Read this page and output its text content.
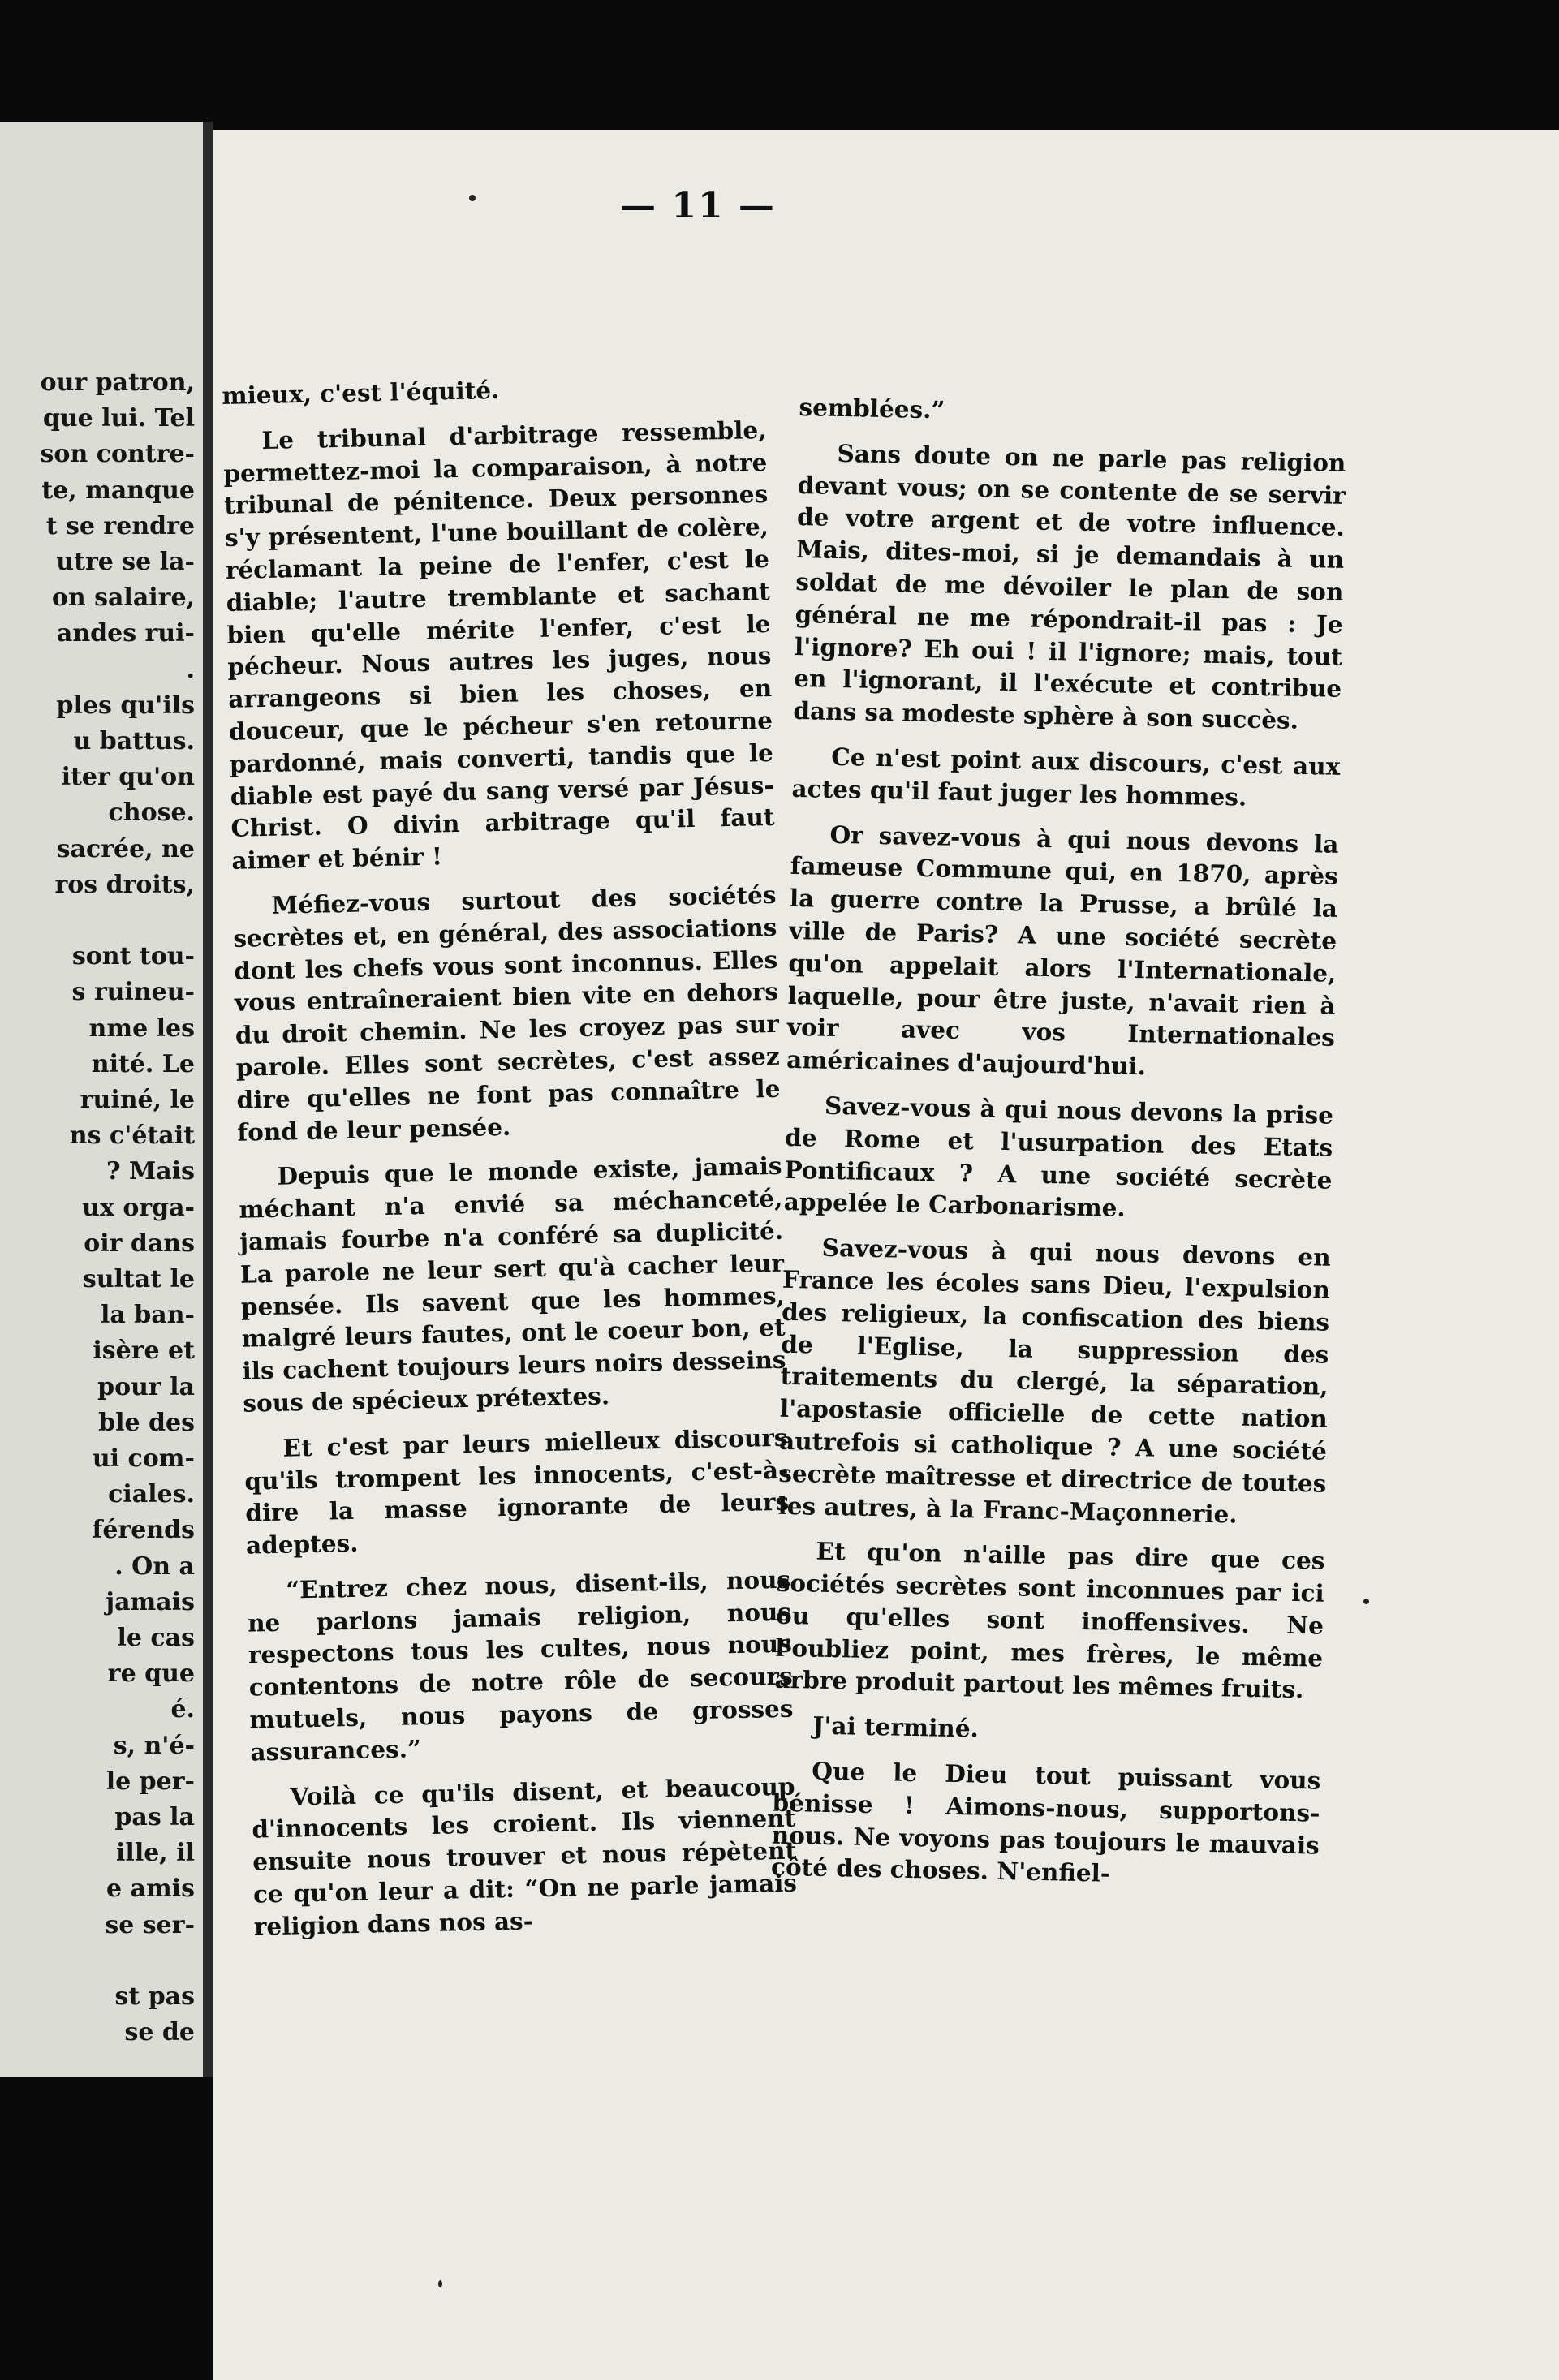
our patron,
que lui. Tel
son contre-
te, manque
t se rendre
utre se la-
on salaire,
andes rui-
.
ples qu'ils
u battus.
iter qu'on
chose.
sacrée, ne
ros droits,
sont tou-
s ruineu-
nme les
nité. Le
ruiné, le
ns c'était
? Mais
ux orga-
oir dans
sultat le
la ban-
isère et
pour la
ble des
ui com-
ciales.
férends
. On a
jamais
le cas
re que
é.
s, n'é-
le per-
pas la
ille, il
e amis
se ser-
st pas
se de
— 11 —

mieux, c'est l'équité.

Le tribunal d'arbitrage ressemble, permettez-moi la comparaison, à notre tribunal de pénitence. Deux personnes s'y présentent, l'une bouillant de colère, réclamant la peine de l'enfer, c'est le diable; l'autre tremblante et sachant bien qu'elle mérite l'enfer, c'est le pécheur. Nous autres les juges, nous arrangeons si bien les choses, en douceur, que le pécheur s'en retourne pardonné, mais converti, tandis que le diable est payé du sang versé par Jésus-Christ. O divin arbitrage qu'il faut aimer et bénir !

Méfiez-vous surtout des sociétés secrètes et, en général, des associations dont les chefs vous sont inconnus. Elles vous entraîneraient bien vite en dehors du droit chemin. Ne les croyez pas sur parole. Elles sont secrètes, c'est assez dire qu'elles ne font pas connaître le fond de leur pensée.

Depuis que le monde existe, jamais méchant n'a envié sa méchanceté, jamais fourbe n'a conféré sa duplicité. La parole ne leur sert qu'à cacher leur pensée. Ils savent que les hommes, malgré leurs fautes, ont le coeur bon, et ils cachent toujours leurs noirs desseins sous de spécieux prétextes.

Et c'est par leurs mielleux discours qu'ils trompent les innocents, c'est-à-dire la masse ignorante de leurs adeptes.

“Entrez chez nous, disent-ils, nous ne parlons jamais religion, nous respectons tous les cultes, nous nous contentons de notre rôle de secours mutuels, nous payons de grosses assurances.”

Voilà ce qu'ils disent, et beaucoup d'innocents les croient. Ils viennent ensuite nous trouver et nous répètent ce qu'on leur a dit: “On ne parle jamais religion dans nos as-

semblées.”

Sans doute on ne parle pas religion devant vous; on se contente de se servir de votre argent et de votre influence. Mais, dites-moi, si je demandais à un soldat de me dévoiler le plan de son général ne me répondrait-il pas : Je l'ignore? Eh oui ! il l'ignore; mais, tout en l'ignorant, il l'exécute et contribue dans sa modeste sphère à son succès.

Ce n'est point aux discours, c'est aux actes qu'il faut juger les hommes.

Or savez-vous à qui nous devons la fameuse Commune qui, en 1870, après la guerre contre la Prusse, a brûlé la ville de Paris? A une société secrète qu'on appelait alors l'Internationale, laquelle, pour être juste, n'avait rien à voir avec vos Internationales américaines d'aujourd'hui.

Savez-vous à qui nous devons la prise de Rome et l'usurpation des Etats Pontificaux ? A une société secrète appelée le Carbonarisme.

Savez-vous à qui nous devons en France les écoles sans Dieu, l'expulsion des religieux, la confiscation des biens de l'Eglise, la suppression des traitements du clergé, la séparation, l'apostasie officielle de cette nation autrefois si catholique ? A une société secrète maîtresse et directrice de toutes les autres, à la Franc-Maçonnerie.

Et qu'on n'aille pas dire que ces sociétés secrètes sont inconnues par ici ou qu'elles sont inoffensives. Ne l'oubliez point, mes frères, le même arbre produit partout les mêmes fruits.

J'ai terminé.

Que le Dieu tout puissant vous bénisse ! Aimons-nous, supportons-nous. Ne voyons pas toujours le mauvais côté des choses. N'enfiel-
